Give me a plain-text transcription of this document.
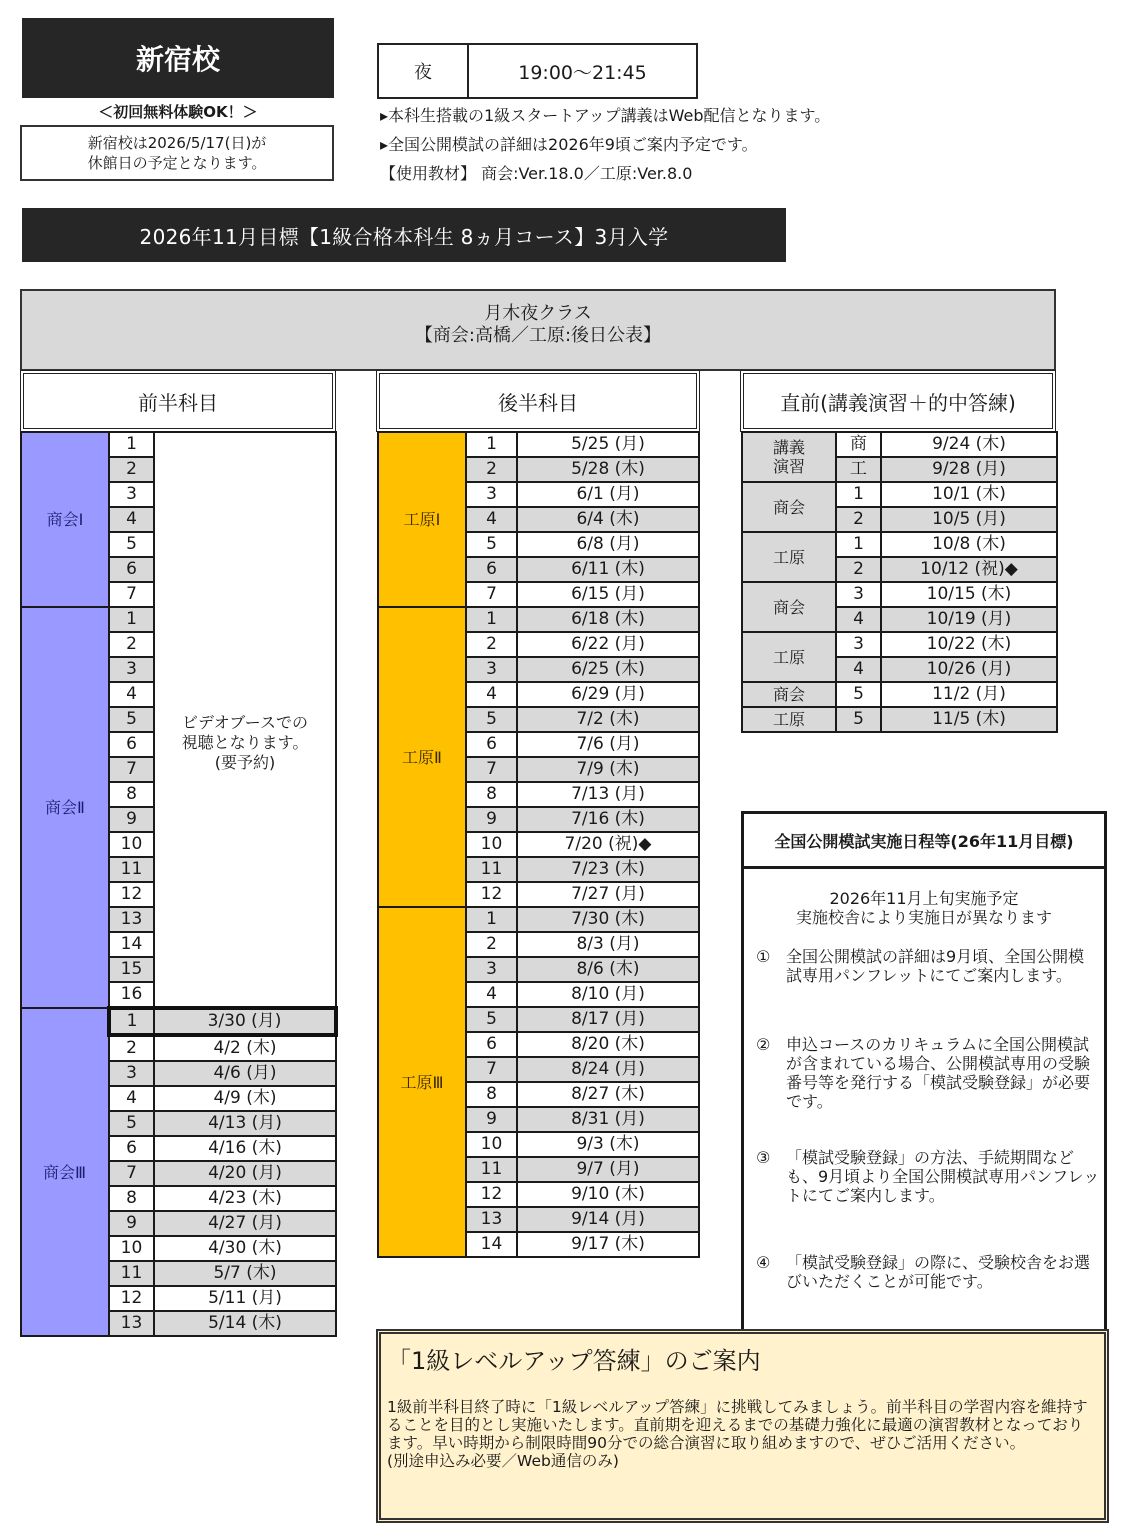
新宿校
＜初回無料体験OK！＞
新宿校は2026/5/17(日)が
休館日の予定となります。
夜	19:00～21:45
▸本科生搭載の1級スタートアップ講義はWeb配信となります。
▸全国公開模試の詳細は2026年9頃ご案内予定です。
【使用教材】 商会:Ver.18.0／工原:Ver.8.0
2026年11月目標【1級合格本科生 8ヵ月コース】3月入学
月木夜クラス
【商会:高橋／工原:後日公表】
前半科目	後半科目	直前(講義演習＋的中答練)
商会Ⅰ	1	ビデオブースでの
視聴となります。
(要予約)
	2	
	3	
	4	
	5	
	6	
	7	
商会Ⅱ	1	
	2	
	3	
	4	
	5	
	6	
	7	
	8	
	9	
	10	
	11	
	12	
	13	
	14	
	15	
	16	
商会Ⅲ	1	3/30 (月)
	2	4/2 (木)
	3	4/6 (月)
	4	4/9 (木)
	5	4/13 (月)
	6	4/16 (木)
	7	4/20 (月)
	8	4/23 (木)
	9	4/27 (月)
	10	4/30 (木)
	11	5/7 (木)
	12	5/11 (月)
	13	5/14 (木)
工原Ⅰ	1	5/25 (月)
	2	5/28 (木)
	3	6/1 (月)
	4	6/4 (木)
	5	6/8 (月)
	6	6/11 (木)
	7	6/15 (月)
工原Ⅱ	1	6/18 (木)
	2	6/22 (月)
	3	6/25 (木)
	4	6/29 (月)
	5	7/2 (木)
	6	7/6 (月)
	7	7/9 (木)
	8	7/13 (月)
	9	7/16 (木)
	10	7/20 (祝)◆
	11	7/23 (木)
	12	7/27 (月)
工原Ⅲ	1	7/30 (木)
	2	8/3 (月)
	3	8/6 (木)
	4	8/10 (月)
	5	8/17 (月)
	6	8/20 (木)
	7	8/24 (月)
	8	8/27 (木)
	9	8/31 (月)
	10	9/3 (木)
	11	9/7 (月)
	12	9/10 (木)
	13	9/14 (月)
	14	9/17 (木)
講義
演習	商	9/24 (木)
	工	9/28 (月)
商会	1	10/1 (木)
	2	10/5 (月)
工原	1	10/8 (木)
	2	10/12 (祝)◆
商会	3	10/15 (木)
	4	10/19 (月)
工原	3	10/22 (木)
	4	10/26 (月)
商会	5	11/2 (月)
工原	5	11/5 (木)
全国公開模試実施日程等(26年11月目標)
2026年11月上旬実施予定
実施校舎により実施日が異なります
① 全国公開模試の詳細は9月頃、全国公開模試専用パンフレットにてご案内します。
② 申込コースのカリキュラムに全国公開模試が含まれている場合、公開模試専用の受験番号等を発行する「模試受験登録」が必要です。
③ 「模試受験登録」の方法、手続期間なども、9月頃より全国公開模試専用パンフレットにてご案内します。
④ 「模試受験登録」の際に、受験校舎をお選びいただくことが可能です。
「1級レベルアップ答練」のご案内
1級前半科目終了時に「1級レベルアップ答練」に挑戦してみましょう。前半科目の学習内容を維持することを目的とし実施いたします。直前期を迎えるまでの基礎力強化に最適の演習教材となっております。早い時期から制限時間90分での総合演習に取り組めますので、ぜひご活用ください。
(別途申込み必要／Web通信のみ)
